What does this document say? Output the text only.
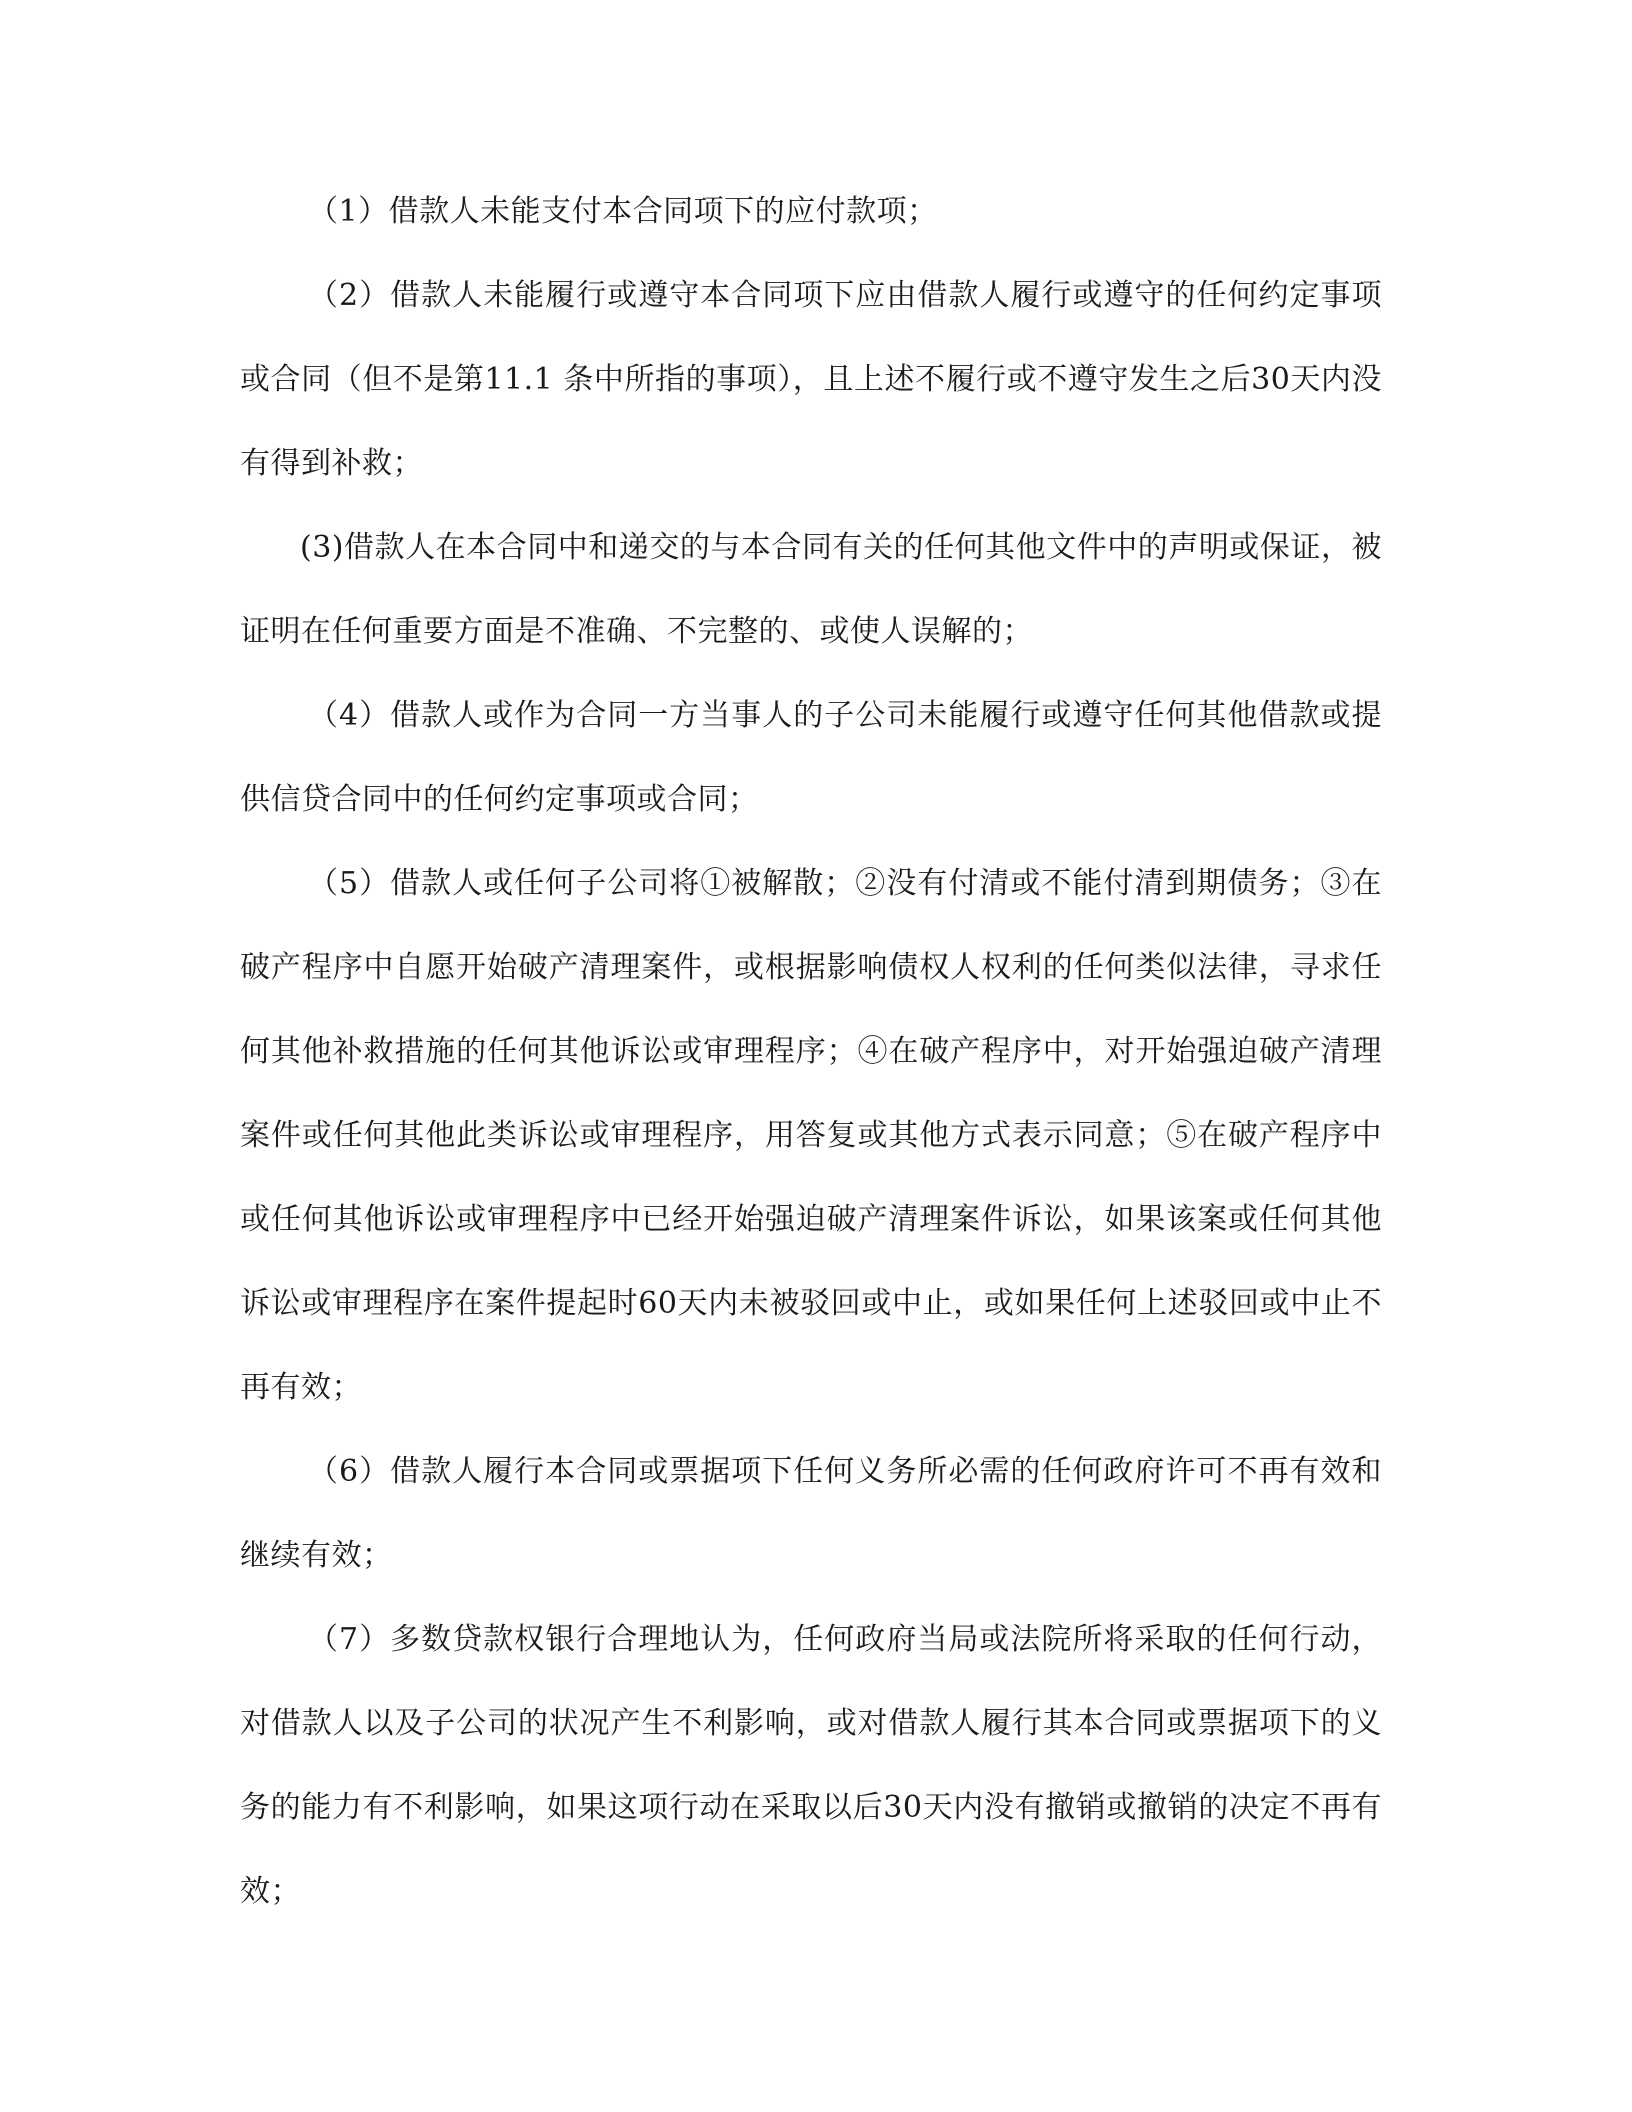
（1）借款人未能支付本合同项下的应付款项；

（2）借款人未能履行或遵守本合同项下应由借款人履行或遵守的任何约定事项或合同（但不是第11.1 条中所指的事项），且上述不履行或不遵守发生之后30天内没有得到补救；

(3)借款人在本合同中和递交的与本合同有关的任何其他文件中的声明或保证，被证明在任何重要方面是不准确、不完整的、或使人误解的；

（4）借款人或作为合同一方当事人的子公司未能履行或遵守任何其他借款或提供信贷合同中的任何约定事项或合同；

（5）借款人或任何子公司将①被解散；②没有付清或不能付清到期债务；③在破产程序中自愿开始破产清理案件，或根据影响债权人权利的任何类似法律，寻求任何其他补救措施的任何其他诉讼或审理程序；④在破产程序中，对开始强迫破产清理案件或任何其他此类诉讼或审理程序，用答复或其他方式表示同意；⑤在破产程序中或任何其他诉讼或审理程序中已经开始强迫破产清理案件诉讼，如果该案或任何其他诉讼或审理程序在案件提起时60天内未被驳回或中止，或如果任何上述驳回或中止不再有效；

（6）借款人履行本合同或票据项下任何义务所必需的任何政府许可不再有效和继续有效；

（7）多数贷款权银行合理地认为，任何政府当局或法院所将采取的任何行动，对借款人以及子公司的状况产生不利影响，或对借款人履行其本合同或票据项下的义务的能力有不利影响，如果这项行动在采取以后30天内没有撤销或撤销的决定不再有效；
